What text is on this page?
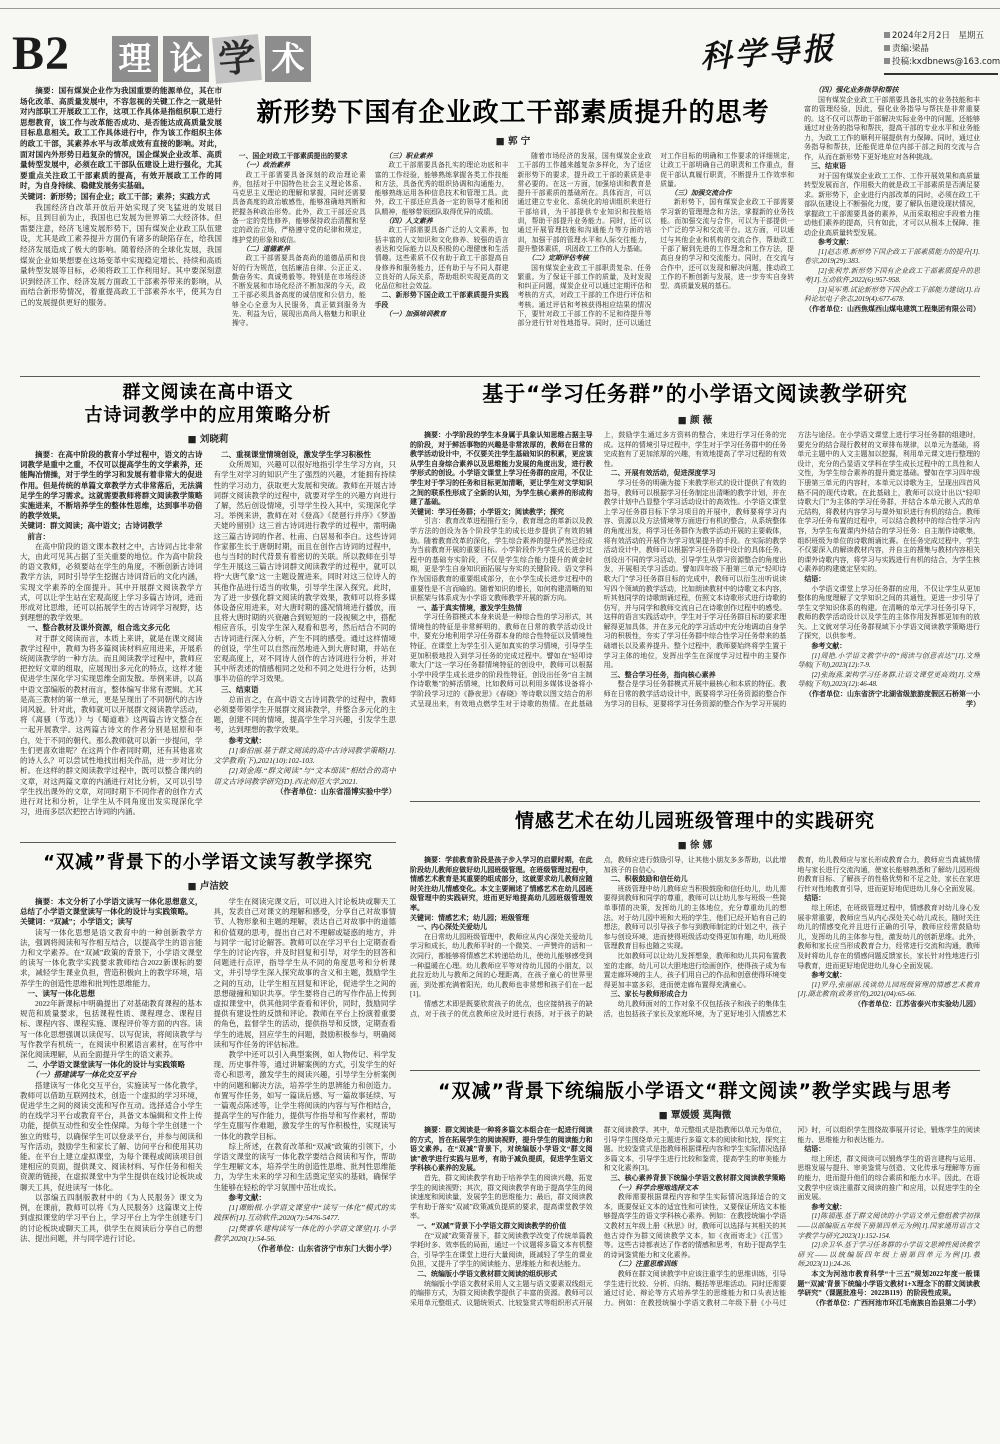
B2 理 论 学 术	科学导报	2024年2月2日　星期五
责编:梁晶
投稿:kxdbnews@163.com

摘要：国有煤炭企业作为我国重要的能源单位，其在市场化改革、高质量发展中，不容忽视的关键工作之一就是针对内部职工开展政工工作，这项工作具体是指组织职工进行思想教育，该工作与改革能否成功、是否能达成高质量发展目标息息相关。政工工作具体进行中，作为该工作组织主体的政工干部，其素养水平与改革成效有直接的影响。对此，面对国内外形势日趋复杂的情况，国企煤炭企业改革、高质量转型发展中，必须在政工干部队伍建设上进行强化，尤其要重点关注政工干部素质的提高，有效开展政工工作的同时，为自身持续、稳健发展务实基础。

关键词：新形势；国有企业；政工干部；素养；实践方式

我国经济自改革开放后开始实现了突飞猛进的发展目标，且到目前为止，我国也已发展为世界第二大经济体。但需要注意，经济飞速发展形势下，国有煤炭企业政工队伍建设，尤其是政工素养提升方面仍有诸多的缺陷存在，给我国经济发展造成了极大的影响。随着经济的全球化发展，我国煤炭企业如果想要在这场变革中实现稳定增长、持续和高质量转型发展等目标，必须将政工工作利用好。其中要深刻意识到经济工作、经济发展方面政工干部素养带来的影响，从而结合新形势情况，着重提高政工干部素养水平，使其为自己的发展提供更好的服务。

新形势下国有企业政工干部素质提升的思考
■ 郭 宁

一、国企对政工干部素质提出的要求

（一）政治素养

政工干部需要具备深刻的政治理论素养，包括对于中国特色社会主义理论体系、马克思主义理论的理解和掌握，同时还需要具备高度的政治敏感性，能够准确地判断和把握各种政治形势。此外，政工干部还应具备一定的党性修养，能够保持政治清醒和坚定的政治立场，严格遵守党的纪律和规定，维护党的形象和威信。

（二）道德素养

政工干部需要具备高尚的道德品质和良好的行为规范，包括廉洁自律、公正正义、勤奋务实、真诚勇毅等。特别是在市场经济不断发展和市场化经济不断加深的今天，政工干部必须具备高度的诚信度和公信力，能够全心全意为人民服务，真正做到服务为先、利益为后，展现出高尚人格魅力和职业操守。

（三）职业素养

政工干部需要具备扎实的理论功底和丰富的工作经验，能够熟练掌握各类工作技能和方法，具备优秀的组织协调和沟通能力，能够熟练运用各种信息技术和管理工具。此外，政工干部还应具备一定的领导才能和团队精神，能够带领团队取得优异的成绩。

（四）人文素养

政工干部需要具备广泛的人文素养，包括丰富的人文知识和文化修养、较强的语言表达和交际能力以及积极的心理健康和生活情趣。这些素质不仅有助于政工干部提高自身修养和服务能力，还有助于与不同人群建立良好的人际关系，帮助组织实现更高的文化品位和社会效益。

二、新形势下国企政工干部素质提升实践手段

（一）加强培训教育

随着市场经济的发展，国有煤炭企业政工干部的工作越来越复杂多样化，为了适应新形势下的要求，提升政工干部的素质是非常必要的。在这一方面，加强培训和教育是提升干部素质的基础所在。具体而言，可以通过建立专业化、系统化的培训组织来进行干部培训，为干部提供专业知识和技能培训，帮助干部提升业务能力。同时，还可以通过开展管理技能和沟通能力等方面的培训，加强干部的管理水平和人际交往能力，提升整体素质，巩固政工工作的人力基础。

（二）定期评估考核

国有煤炭企业政工干部职责复杂、任务繁重。为了保证干部工作的质量，及时发现和纠正问题，煤炭企业可以通过定期评估和考核的方式，对政工干部的工作进行评估和考核。通过评估和考核获得相应结果的情况下，要针对政工干部工作的不足和待提升等部分进行针对性地指导。同时，还可以通过对工作目标的明确和工作要求的详细规定，让政工干部明确自己的职责和工作重点，督促干部认真履行职责，不断提升工作效率和质量。

（三）加强交流合作

新形势下，国有煤炭企业政工干部需要学习新的管理理念和方法，掌握新的业务技能。而加强交流与合作，可以为干部提供一个广泛的学习和交流平台。这方面，可以通过与其他企业和机构的交流合作，帮助政工干部了解到先进的工作理念和工作方法，提高自身的学习和交流能力。同时，在交流与合作中，还可以发现和解决问题，推动政工工作的不断创新与发展，进一步夯实自身转型、高质量发展的基石。

（四）强化业务指导和帮扶

国有煤炭企业政工干部需要具备扎实的业务技能和丰富的管理经验，因此，强化业务指导与帮扶是非常重要的。这不仅可以帮助干部解决实际业务中的问题，还能够通过对业务的指导和帮扶，提高干部的专业水平和业务能力，为政工工作的顺利开展提供有力保障。同时，通过业务指导和帮扶，还能促进单位内部干部之间的交流与合作，从而在新形势下更好地应对各种挑战。

三、结束语

对于国有煤炭企业政工工作、工作开展效果和高质量转型发展而言，作用极大的就是政工干部素质是否满足要求。新形势下，企业进行内部改革的同时，必须在政工干部队伍建设上不断强化力度，要了解队伍建设现状情况，掌握政工干部需要具备的素养，从而采取相应手段着力推动他们素养的提高，只有如此，才可以从根本上保障、推动企业高质量转型发展。

参考文献：

[1]赵志勇.新形势下国企政工干部素质能力的提升[J].卷宗,2019(29):383.

[2]张利芳.新形势下国有企业政工干部素质提升的思考[J].互动软件,2022(6):957-958.

[3]吴军勇.试论新形势下国企政工干部能力建设[J].百科论坛电子杂志,2019(4):677-678.

（作者单位：山西焦煤西山煤电建筑工程集团有限公司）

群文阅读在高中语文
古诗词教学中的应用策略分析
■ 刘晓莉

摘要：在高中阶段的教育小学过程中，语文的古诗词教学是重中之重，不仅可以提高学生的文学素养，还能陶冶情操，对于学生的学习和发展有着非常大的促进作用。但是传统的单篇文章教学方式非常落后，无法满足学生的学习需求。这就需要教师将群文阅读教学策略实施进来，不断培养学生的整体性思维，达到事半功倍的教学效果。

关键词：群文阅读；高中语文；古诗词教学

前言：

在高中阶段的语文课本教材之中，古诗词占比非常大，由此可见其占据了至关重要的地位。作为高中阶段的语文教师，必须要站在学生的角度，不断创新古诗词教学方法，同时引导学生挖掘古诗词背后的文化内涵，实现文学素养的全面提升。其中开展群文阅读教学方式，可以让学生站在宏观高度上学习多篇古诗词，进而形成对比思维，还可以拓展学生的古诗词学习视野，达到理想的教学效果。

一、整合教材及课外资源，组合选文多元化

对于群文阅读而言，本质上来讲，就是在课文阅读教学过程中，教师为将多篇阅读材料应用进来，开展系统阅读教学的一种方法。而且阅读教学过程中，教师应把控好文章的组取，应展现出多元化的特点，这样才能促进学生深化学习实现思维全面发散。举例来讲，以高中语文部编版的教材而言，整体编写非常有逻辑。尤其是高三教材的第一单元，更是呈现出了不同朝代的古诗词风貌。针对此，教师就可以开展群文阅读教学活动，将《离骚（节选）》与《蜀道难》这两篇古诗文整合在一起开展教学。这两篇古诗文的作者分别是屈原和李白，处于不同的朝代。那么教师就可以新一步提问，学生们更喜欢谁呢？在这两个作者同时期，还有其他喜欢的诗人么？可以尝试性地找出相关作品，进一步对比分析。在这样的群文阅读教学过程中，既可以整合课内的文章，对这两篇文章的内涵进行对比分析，又可以引导学生找出课外的文章，对同时期下不同作者的创作方式进行对比和分析，让学生从不同角度出发实现深化学习，进而多层次把控古诗词的内涵。

二、重视课堂情境创设，激发学生学习积极性

众所周知，兴趣可以很好地指引学生学习方向，只有学生对学习的知识产生了强烈的兴趣，才能拥有持续性的学习动力，获取更大发展和突破。教师在开展古诗词群文阅读教学的过程中，就要对学生的兴趣方向进行了解，然后创设情境，引导学生投入其中，实现深化学习。举例来讲，教师在对《登高》《琵琶行并序》《梦游天姥吟留别》这三首古诗词进行教学的过程中，需明确这三篇古诗词的作者、杜甫、白居易和李白。这些诗词作家都生长于唐朝时期，而且在创作古诗词的过程中，也与当时的时代背景有着密切的关联。所以教师在引导学生开展这三篇古诗词群文阅读教学的过程中，就可以将“大唐气象”这一主题设置进来，同时对这三位诗人的其他作品进行适当的收集，引导学生深入探究。此时，为了进一步强化群文阅读的教学效果，教师可以将多媒体设备应用进来，对大唐时期的盛况情境进行播放，而且将大唐时期的兴衰融合到短短的一段视频之中，搭配相应音乐，引发学生深入观看和思考，然后结合不同的古诗词进行深入分析，产生不同的感受。通过这样情境的创设，学生可以自然而然地进入到大唐时期，并站在宏观高度上，对不同诗人创作的古诗词进行分析，并对其中所表述的情感相同之处和不同之处进行分析，达到事半功倍的学习效果。

三、结束语

总而言之，在高中语文古诗词教学的过程中，教师必须要带领学生开展群文阅读教学，并整合多元化的主题，创建不同的情境，提高学生学习兴趣，引发学生思考，达到理想的教学效果。

参考文献：

[1]秦伯丽.基于群文阅读的高中古诗词教学策略[J].文学教育(下),2021(10):102-103.

[2]刘金海.“群文阅读”与“文本细读”相结合的高中语文古诗词教学研究[D].西北师范大学,2021.

（作者单位：山东省淄博实验中学）

基于“学习任务群”的小学语文阅读教学研究
■ 颜 薇

摘要：小学阶段的学生本身属于具象认知思维占据主导的阶段，对于鲜活事物的兴趣是非常浓厚的，教师在日常的教学活动设计中，不仅要关注学生基础知识的积累，更应该从学生自身综合素养以及思维能力发展的角度出发，进行教学形式的创设。小学语文课堂上学习任务群的应用，不仅让学生对于学习的任务和目标更加清晰，更让学生对文学知识之间的联系性形成了全新的认知，为学生核心素养的形成构建了基础。

关键词：学习任务群；小学语文；阅读教学；探究

引言：教育改革进程推行至今，教育理念的革新以及教学方法的创设为各个阶段学生的成长进步提供了有效的辅助。随着教育改革的深化，学生综合素养的提升俨然已经成为当前教育开展的重要目标。小学阶段作为学生成长进步过程中的基础夯实阶段，不仅是学生综合能力提升的黄金时期，更是学生自身知识面拓展与夯实的关键阶段。语文学科作为国语教育的重要组成部分，在小学生成长进步过程中的重要性是不言而喻的。随着知识的增长，如何构建清晰的知识框架与体系成为小学语文教师教学开展的新方向。

一、基于真实情境，激发学生热情

学习任务群模式本身来说是一种综合性的学习形式，其情境性的特征是非常鲜明的，教师在日常的教学活动设计中，要充分地利用学习任务群本身的综合性特征以及情境性特征，在课堂上为学生引入更加真实的学习情境，引导学生更加积极地投入到学习任务的完成过程中。譬如在“轻叩诗歌大门”这一学习任务群情境特征的创设中，教师可以根据小学中段学生成长进步的阶段性特征，创设出任务“自主制作诗歌集”的鲜活情境，比如教师可以利用多媒体设备将小学阶段学习过的《静夜思》《春晓》等诗歌以图文结合的形式呈现出来，有效地点燃学生对于诗歌的热情。在此基础上，鼓励学生通过多方资料的整合，来进行学习任务的完成。这样的情境引导过程中，学生对于学习任务群中的任务完成抱有了更加浓厚的兴趣，有效地提高了学习过程的有效性。

二、开展有效活动，促进深度学习

学习任务的明确为接下来教学形式的设计提供了有效的指导，教师可以根据学习任务制定出清晰的教学计划，并在教学计划中凸显整个学习活动设计的高效性。小学语文课堂上学习任务群目标下学习项目的开展中，教师要将学习内容、资源以及方法情境等方面进行有机的整合，从系统整体的角度出发，将学习任务群作为教学活动开展的主要载体，将有效活动的开展作为学习效果提升的手段。在实际的教学活动设计中，教师可以根据学习任务群中设计的具体任务、创设出不同的学习活动，引导学生从学习资源整合的角度出发，开展相关学习活动。譬如四年级下册第三单元“轻叩诗歌大门”学习任务群目标的完成中，教师可以衍生出听说读写四个领域的教学活动，比如朗读教材中的诗歌文本内容，听其他同学的诗歌朗诵过程，仿照文本诗歌形式进行诗歌的仿写，并与同学和教师交流自己在诗歌创作过程中的感受。这样的语言实践活动中，学生对于学习任务群目标的要求理解得更加具体，并在多元化的学习活动中充分地调动自身学习的积极性，夯实了学习任务群中综合性学习任务带来的基础增长以及素养提升。整个过程中，教师要始终将学生置于学习主体的地位，发挥出学生在深度学习过程中的主要作用。

三、整合学习任务，指向核心素养

整合是学习任务群模式开展中最核心和本质的特征。教师在日常的教学活动设计中，既要将学习任务资源的整合作为学习的目标，更要将学习任务资源的整合作为学习开展的方法与途径。在小学语文课堂上进行学习任务群的组建时，要充分的结合现行教材的文章排布规律，以单元为基础，将单元主题中的人文主题加以挖掘，利用单元课文进行整理的设计，充分的凸显语文学科在学生成长过程中的工具性和人文性，为学生综合素养的提升奠定基础。譬如在学习四年级下册第三单元的内容时，本单元以诗歌为主，呈现出四首风格不同的现代诗歌。在此基础上，教师可以设计出以“轻叩诗歌大门”为主体的学习任务群，并结合本单元嵌入式的单元结构，将教材内容学习与课外知识进行有机的结合。教师在学习任务布置的过程中，可以结合教材中的综合性学习内容，为学生布置课内外结合的学习任务：自主制作诗歌集，组织班级为单位的诗歌朗诵比赛。在任务完成过程中，学生不仅要深入的解读教材内容，并自主的搜集与教材内容相关的课外诗歌内容，将学习与实践进行有机的结合，为学生核心素养的构建奠定坚实的。

结语：

小学语文课堂上学习任务群的应用，不仅让学生从更加整体的角度理解了文学知识之间的共通性，更进一步引导了学生文学知识体系的构建。在清晰的单元学习任务引导下，教师的教学活动设计以及学生的主体作用发挥都更加有的放矢。上文就对学习任务群视域下小学语文阅读教学策略进行了探究，以供参考。

参考文献：

[1]周艳.小学语文教学中的“阅读与创意表达”[J].文理导航(下旬),2023(12):7-9.

[2]张海燕.架构学习任务群,让语文课堂更高效[J].文理导航(下旬),2023(12):46-48.

（作者单位：山东省济宁北湖省级旅游度假区石桥第一小学）

情感艺术在幼儿园班级管理中的实践研究
■ 徐 娜

摘要：学前教育阶段是孩子步入学习的启蒙时期，在此阶段幼儿教师应做好幼儿园班级管理。在班级管理过程中，情感艺术教育是其重要的组成部分，这就要求幼儿教师应随时关注幼儿情感变化。本文主要阐述了情感艺术在幼儿园班级管理中的实践研究，进而更好地提高幼儿园班级管理效率。

关键词：情感艺术；幼儿园；班级管理

一、内心深处关爱幼儿

在日常幼儿园班级管理中，教师应从内心深处关爱幼儿学习和成长，幼儿教师平时的一个微笑、一声赞许的话和一次同行，都能够将情感艺术转递给幼儿，使幼儿能够感受到一种温暖在心理。幼儿教师应平等对待幼儿园的小朋友，以此拉近幼儿与教师之间的心理距离，在孩子童心的世界里面，到处都充满着阳光，幼儿教师也非常想和孩子们在一起[1]。

情感艺术即是既要欣赏孩子的优点，也应接纳孩子的缺点，对于孩子的优点教师应及时进行表扬，对于孩子的缺点，教师应进行鼓励引导，让其他小朋友多多帮助，以此增加孩子的自信心。

二、积极鼓励和信任幼儿

班级管理中幼儿教师应当积极鼓励和信任幼儿，幼儿需要得到教师和同学的尊重，教师可以让幼儿参与班级一些简单事情的决策，发挥幼儿的主体地位，充分尊重幼儿的想法。对于幼儿园中班和大班的学生，他们已经开始有自己的想法，教师可以引导孩子参与到教师制定的计划之中，孩子参与创设环境，进而使得班级活动变得更加有趣，幼儿班级管理教育目标也随之实现。

比如教师可以让幼儿发挥想象，教师和幼儿共同布置教室的走廊，幼儿可以大胆地进行绘画创作，使得孩子成为布置走廊环境的主人，孩子们用自己的作品和创意使得环境变得更加丰富多彩，进而使走廊布置得充满童心。

三、家长与教师形成合力

幼儿教师面对的工作对象不仅包括孩子和孩子的集体生活，也包括孩子家长及家庭环境，为了更好地引入情感艺术教育，幼儿教师应与家长形成教育合力，教师应当真诚热情地与家长进行交流沟通，使家长能够熟悉和了解幼儿园班级的教育目标、了解孩子的性格优势和不足之处，家长在家进行针对性地教育引导，进而更好地促进幼儿身心全面发展。

结语：

综上所述，在班级管理过程中，情感教育对幼儿身心发展非常重要，教师应当从内心深处关心幼儿成长，随时关注幼儿的情感变化并且进行正确的引导，教师应经常鼓励幼儿，发挥幼儿的主体参与性，激发幼儿的创新思维。此外，教师和家长应当形成教育合力，经常进行交流和沟通，教师及时将幼儿存在的情感问题反馈家长，家长针对性地进行引导教育，进而更好地促进幼儿身心全面发展。

参考文献：

[1]罗丹,张丽丽.浅谈幼儿园班级管理的情感艺术教育[J].湖北教育(政务宣传),2021(04):65-66.

（作者单位：江苏省泰兴市实验幼儿园）

“双减”背景下的小学语文读写教学探究
■ 卢洁姣

摘要：本文分析了小学语文读写一体化思想意义，总结了小学语文课堂读写一体化的设计与实践策略。

关键词：“双减”；小学语文；读写

读写一体化思想是语文教育中的一种创新教学方法，强调将阅读和写作相互结合，以提高学生的语言能力和文学素养。在“双减”政策的背景下，小学语文课堂的读写一体化教学实践要求教师结合2022新课标的要求，减轻学生课业负担，营造积极向上的教学环境，培养学生的创造性思维和批判性思维能力。

一、读写一体化思想

2022年新课标中明确提出了对基础教育课程的基本规范和质量要求，包括课程性质、课程理念、课程目标、课程内容、课程实施、课程评价等方面的内容。读写一体化思想强调以读促写、以写促读，将阅读教学与写作教学有机统一，在阅读中积累语言素材，在写作中深化阅读理解，从而全面提升学生的语文素养。

二、小学语文课堂读写一体化的设计与实践策略

（一）搭建读写一体化交互平台

搭建读写一体化交互平台，实施读写一体化教学，教师可以借助互联网技术，创造一个虚拟的学习环境，促进学生之间的阅读交流和写作互动。选择适合小学生的在线学习平台或教育平台，具备文本编辑和文件上传功能，提供互动性和安全性保障。为每个学生创建一个独立的账号，以确保学生可以登录平台，并参与阅读和写作活动，鼓励学生和家长了解、访问平台和使用其功能。在平台上建立虚拟课堂，为每个课程或阅读项目创建相应的页面，提供课文、阅读材料、写作任务和相关资源的链接，在虚拟课堂中为学生提供在线讨论板块或聊天工具，促进读写一体化。

以部编五四制版教材中的《为人民服务》课文为例，在课前，教师可以将《为人民服务》这篇课文上传到虚拟课堂的学习平台上，学习平台上为学生创建专门的讨论板块或聊天工具，供学生在阅读后分享自己的想法、提出问题，并与同学进行讨论。

学生在阅读完课文后，可以进入讨论板块或聊天工具，发表自己对课文的理解和感受，分享自己对故事情节、人物形象和主题的理解，表达自己对故事中的道德和价值观的思考，提出自己对不理解或疑惑的地方，并与同学一起讨论解答。教师可以在学习平台上定期查看学生的讨论内容，并及时回复和引导，对学生的回答和问题进行点评，指导学生从不同的角度思考和分析课文，并引导学生深入探究故事的含义和主题，鼓励学生之间的互动，让学生相互回复和评论，促进学生之间的思想碰撞和知识共享。学生要将自己的写作作品上传到虚拟课堂中，供其他同学查看和评价，同时，鼓励同学提供有建设性的反馈和评论。教师在平台上扮演着重要的角色，监督学生的活动，提供指导和反馈，定期查看学生的进展，回应学生的问题，鼓励积极参与，明确阅读和写作任务的评估标准。

教学中还可以引入典型案例，如人物传记、科学发现、历史事件等，通过讲解案例的方式，引发学生的好奇心和思考，激发学生的阅读兴趣，引导学生分析案例中的问题和解决方法，培养学生的思辨能力和创造力。布置写作任务，如写一篇读后感、写一篇故事延续、写一篇观点陈述等，让学生将阅读的内容与写作相结合，提高学生的写作能力，提供写作指导和写作素材，帮助学生克服写作难题，激发学生的写作积极性，实现读写一体化的教学目标。

综上所述，在教育改革和“双减”政策的引领下，小学语文课堂的读写一体化教学要结合阅读和写作，帮助学生理解文本，培养学生的创造性思维、批判性思维能力，为学生未来的学习和生活奠定坚实的基础，确保学生能够在轻松的学习氛围中茁壮成长。

参考文献：

[1]谭贻根.小学语文课堂中“读写一体化”模式的实践探析[J].互动软件,2020(7):5476-5477.

[2]樊睿华.建构读写一体化的小学语文课堂[J].小学教学,2020(1):54-56.

（作者单位：山东省济宁市东门大街小学）

“双减”背景下统编版小学语文“群文阅读”教学实践与思考
■ 覃媛媛 莫陶微

摘要：群文阅读是一种将多篇文本组合在一起进行阅读的方式，旨在拓展学生的阅读视野，提升学生的阅读能力和语文素养。在“双减”背景下，对统编版小学语文“群文阅读”教学进行实践与思考，有助于减负提质，促进学生语文学科核心素养的发展。

首先，群文阅读教学有助于培养学生的阅读兴趣，拓宽学生的阅读视野；其次，群文阅读教学有助于提高学生的阅读速度和阅读量，发展学生的思维能力；最后，群文阅读教学有助于落实“双减”政策减负提质的要求，提高课堂教学效率。

一、“双减”背景下小学语文群文阅读教学的价值

在“双减”政策背景下，群文阅读教学改变了传统单篇教学耗时多、效率低的局面，通过一个议题将多篇文本有机整合，引导学生在课堂上进行大量阅读，既减轻了学生的课业负担，又提升了学生的阅读能力、思维能力和表达能力。

二、统编版小学语文教材群文阅读的组织形式

统编版小学语文教材采用人文主题与语文要素双线组元的编排方式，为群文阅读教学提供了丰富的资源。教师可以采用单元整组式、议题统领式、比较鉴赏式等组织形式开展群文阅读教学。其中，单元整组式是指教师以单元为单位，引导学生围绕单元主题进行多篇文本的阅读和比较，探究主题。比较鉴赏式是指教师根据课程内容和学生实际情况选择多篇文本，引导学生进行比较和鉴赏，提高学生的审美能力和文化素养[3]。

三、核心素养背景下统编小学语文教材群文阅读教学策略

（一）科学合理地选择文本

教师需要根据课程内容和学生实际情况选择适合的文本，既要保证文本的适宜性和可读性，又要保证所选文本能够提高学生的语文学科核心素养。例如：在教授统编小学语文教材五年级上册《秋思》时，教师可以选择与其相关的其他古诗作为群文阅读教学文本，如《夜雨寄北》《江雪》等。这些古诗都表达了作者的情感和思考，有助于提高学生的诗词鉴赏能力和文化素养。

（二）注重思维训练

教师在群文阅读教学中应该注重学生的思维训练，引导学生进行比较、分析、归纳、概括等思维活动。同时还需要通过讨论、辩论等方式培养学生的思维能力和口头表达能力。例如：在教授统编小学语文教材二年级下册《小马过河》时，可以组织学生围绕故事展开讨论，锻炼学生的阅读能力、思维能力和表达能力。

结语：

综上所述，群文阅读可以锻炼学生的语言建构与运用、思维发展与提升、审美鉴赏与创造、文化传承与理解等方面的能力，进而提升他们的综合素质和能力水平。因此，在语文教学中应该注重群文阅读的推广和应用，以促进学生的全面发展。

参考文献：

[1]陈福莲.基于群文阅读的小学语文单元整组教学初探——以部编版五年级下册第四单元为例[J].国家通用语言文字教学与研究,2023(1):152-154.

[2]余卫华.基于学习任务群的小学语文思辨性阅读教学研究——以统编版四年级上册第四单元为例[J].教师,2023(11):24-26.

本文为河池市教育科学“十三五”规划2022年度一般课题“‘双减’背景下统编小学语文教材1+X理念下的群文阅读教学研究”（课题批准号：2022B119）的阶段性成果。

（作者单位：广西河池市环江毛南族自治县第二小学）
